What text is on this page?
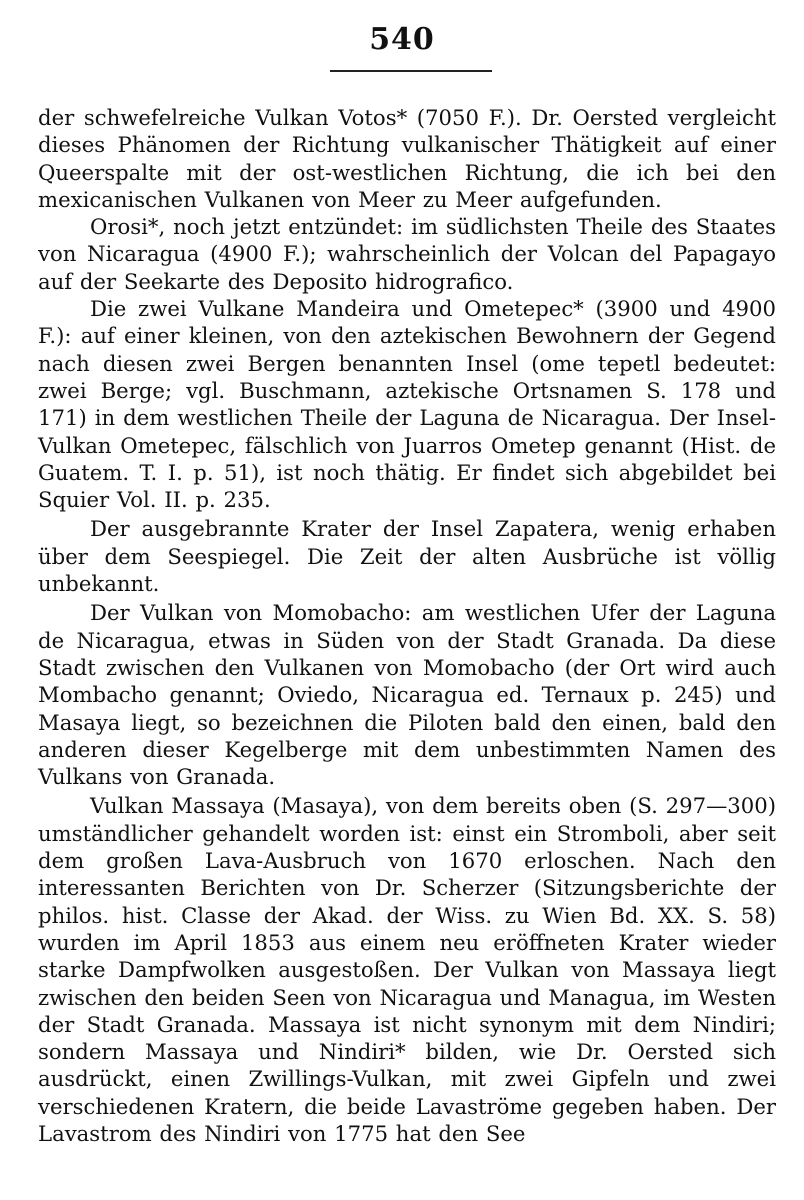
540

der schwefelreiche Vulkan Votos* (7050 F.). Dr. Oersted vergleicht dieses Phänomen der Richtung vulkanischer Thätigkeit auf einer Queerspalte mit der ost-westlichen Richtung, die ich bei den mexicanischen Vulkanen von Meer zu Meer aufgefunden.

Orosi*, noch jetzt entzündet: im südlichsten Theile des Staates von Nicaragua (4900 F.); wahrscheinlich der Volcan del Papagayo auf der Seekarte des Deposito hidrografico.

Die zwei Vulkane Mandeira und Ometepec* (3900 und 4900 F.): auf einer kleinen, von den aztekischen Bewohnern der Gegend nach diesen zwei Bergen benannten Insel (ome tepetl bedeutet: zwei Berge; vgl. Buschmann, aztekische Ortsnamen S. 178 und 171) in dem westlichen Theile der Laguna de Nicaragua. Der Insel-Vulkan Ometepec, fälschlich von Juarros Ometep genannt (Hist. de Guatem. T. I. p. 51), ist noch thätig. Er findet sich abgebildet bei Squier Vol. II. p. 235.

Der ausgebrannte Krater der Insel Zapatera, wenig erhaben über dem Seespiegel. Die Zeit der alten Ausbrüche ist völlig unbekannt.

Der Vulkan von Momobacho: am westlichen Ufer der Laguna de Nicaragua, etwas in Süden von der Stadt Granada. Da diese Stadt zwischen den Vulkanen von Momobacho (der Ort wird auch Mombacho genannt; Oviedo, Nicaragua ed. Ternaux p. 245) und Masaya liegt, so bezeichnen die Piloten bald den einen, bald den anderen dieser Kegelberge mit dem unbestimmten Namen des Vulkans von Granada.

Vulkan Massaya (Masaya), von dem bereits oben (S. 297—300) umständlicher gehandelt worden ist: einst ein Stromboli, aber seit dem großen Lava-Ausbruch von 1670 erloschen. Nach den interessanten Berichten von Dr. Scherzer (Sitzungsberichte der philos. hist. Classe der Akad. der Wiss. zu Wien Bd. XX. S. 58) wurden im April 1853 aus einem neu eröffneten Krater wieder starke Dampfwolken ausgestoßen. Der Vulkan von Massaya liegt zwischen den beiden Seen von Nicaragua und Managua, im Westen der Stadt Granada. Massaya ist nicht synonym mit dem Nindiri; sondern Massaya und Nindiri* bilden, wie Dr. Oersted sich ausdrückt, einen Zwillings-Vulkan, mit zwei Gipfeln und zwei verschiedenen Kratern, die beide Lavaströme gegeben haben. Der Lavastrom des Nindiri von 1775 hat den See
